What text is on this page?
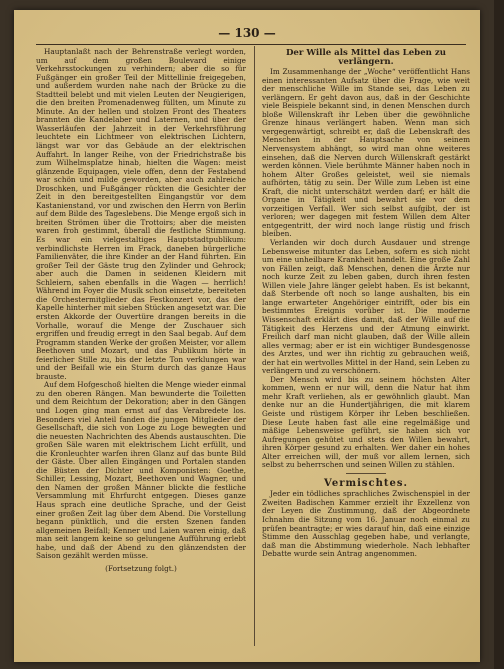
— 130 —

Hauptanlaßt nach der Behrenstraße verlegt worden, um auf dem großen Boulevard einige Verkehrsstockungen zu verhindern; aber die so für Fußgänger ein großer Teil der Mittellinie freigegeben, und außerdem wurden nahe nach der Brücke zu die Stadtteil belebt und mit vielen Leuten der Neugierigen, die den breiten Promenadenweg füllten, um Minute zu Minute. An der hellen und stolzen Front des Theaters brannten die Kandelaber und Laternen, und über der Wasserläufen der Jahrzeit in der Verkehrsführung leuchtete ein Lichtmeer von elektrischen Lichtern, längst war vor das Gebäude an der elektrischen Auffahrt. In langer Reihe, von der Friedrichstraße bis zum Wilhelmsplatze hinab, hielten die Wagen: meist glänzende Equipagen, viele offen, denn der Festabend war schön und milde geworden, aber auch zahlreiche Droschken, und Fußgänger rückten die Gesichter der Zeit in den bereitgestellten Eingangstür vor dem Kastanienstand, vor und zwischen den Herrn von Berlin auf dem Bilde des Tageslebens. Die Menge ergoß sich in breiten Strömen über die Trottoirs; aber die meisten waren froh gestimmt, überall die festliche Stimmung. Es war ein vielgestaltiges Hauptstadtpublikum: verbindlichste Herren im Frack, daneben bürgerliche Familienväter, die ihre Kinder an der Hand führten. Ein großer Teil der Gäste trug den Zylinder und Gehrock; aber auch die Damen in seidenen Kleidern mit Schleiern, sahen ebenfalls in die Wagen — herrlich! Während im Foyer die Musik schon einsetzte, bereiteten die Orchestermitglieder das Festkonzert vor, das der Kapelle hinterher mit sieben Stücken angesetzt war. Die ersten Akkorde der Ouvertüre drangen bereits in die Vorhalle, worauf die Menge der Zuschauer sich ergriffen und freudig erregt in den Saal begab. Auf dem Programm standen Werke der großen Meister, vor allem Beethoven und Mozart, und das Publikum hörte in feierlicher Stille zu, bis der letzte Ton verklungen war und der Beifall wie ein Sturm durch das ganze Haus brauste.

Auf dem Hofgeschoß hielten die Menge wieder einmal zu den oberen Rängen. Man bewunderte die Toiletten und dem Reichtum der Dekoration; aber in den Gängen und Logen ging man ernst auf das Verabredete los. Besonders viel Anteil fanden die jungen Mitglieder der Gesellschaft, die sich von Loge zu Loge bewegten und die neuesten Nachrichten des Abends austauschten. Die großen Säle waren mit elektrischem Licht erfüllt, und die Kronleuchter warfen ihren Glanz auf das bunte Bild der Gäste. Über allen Eingängen und Portalen standen die Büsten der Dichter und Komponisten: Goethe, Schiller, Lessing, Mozart, Beethoven und Wagner, und den Namen der großen Männer blickte die festliche Versammlung mit Ehrfurcht entgegen. Dieses ganze Haus sprach eine deutliche Sprache, und der Geist einer großen Zeit lag über dem Abend. Die Vorstellung begann pünktlich, und die ersten Szenen fanden allgemeinen Beifall; Kenner und Laien waren einig, daß man seit langem keine so gelungene Aufführung erlebt habe, und daß der Abend zu den glänzendsten der Saison gezählt werden müsse.

(Fortsetzung folgt.)
Der Wille als Mittel das Leben zu verlängern.

Im Zusammenhange der „Woche“ veröffentlicht Hans einen interessanten Aufsatz über die Frage, wie weit der menschliche Wille im Stande sei, das Leben zu verlängern. Er geht davon aus, daß in der Geschichte viele Beispiele bekannt sind, in denen Menschen durch bloße Willenskraft ihr Leben über die gewöhnliche Grenze hinaus verlängert haben. Wenn man sich vergegenwärtigt, schreibt er, daß die Lebenskraft des Menschen in der Hauptsache von seinem Nervensystem abhängt, so wird man ohne weiteres einsehen, daß die Nerven durch Willenskraft gestärkt werden können. Viele berühmte Männer haben noch in hohem Alter Großes geleistet, weil sie niemals aufhörten, tätig zu sein. Der Wille zum Leben ist eine Kraft, die nicht unterschätzt werden darf; er hält die Organe in Tätigkeit und bewahrt sie vor dem vorzeitigen Verfall. Wer sich selbst aufgibt, der ist verloren; wer dagegen mit festem Willen dem Alter entgegentritt, der wird noch lange rüstig und frisch bleiben.

Verlanden wir doch durch Ausdauer und strenge Lebensweise mitunter das Leben, sofern es sich nicht um eine unheilbare Krankheit handelt. Eine große Zahl von Fällen zeigt, daß Menschen, denen die Ärzte nur noch kurze Zeit zu leben gaben, durch ihren festen Willen viele Jahre länger gelebt haben. Es ist bekannt, daß Sterbende oft noch so lange aushalten, bis ein lange erwarteter Angehöriger eintrifft, oder bis ein bestimmtes Ereignis vorüber ist. Die moderne Wissenschaft erklärt dies damit, daß der Wille auf die Tätigkeit des Herzens und der Atmung einwirkt. Freilich darf man nicht glauben, daß der Wille allein alles vermag; aber er ist ein wichtiger Bundesgenosse des Arztes, und wer ihn richtig zu gebrauchen weiß, der hat ein wertvolles Mittel in der Hand, sein Leben zu verlängern und zu verschönern.

Der Mensch wird bis zu seinem höchsten Alter kommen, wenn er nur will, denn die Natur hat ihm mehr Kraft verliehen, als er gewöhnlich glaubt. Man denke nur an die Hundertjährigen, die mit klarem Geiste und rüstigem Körper ihr Leben beschließen. Diese Leute haben fast alle eine regelmäßige und mäßige Lebensweise geführt, sie haben sich vor Aufregungen gehütet und stets den Willen bewahrt, ihren Körper gesund zu erhalten. Wer daher ein hohes Alter erreichen will, der muß vor allem lernen, sich selbst zu beherrschen und seinen Willen zu stählen.

Vermischtes.

Jeder ein tödliches sprachliches Zwischenspiel in der Zweiten Badischen Kammer erzielt ihr Exzellenz von der Leyen die Zustimmung, daß der Abgeordnete Ichnahm die Sitzung vom 16. Januar noch einmal zu prüfen beantragte; er wies darauf hin, daß eine einzige Stimme den Ausschlag gegeben habe, und verlangte, daß man die Abstimmung wiederhole. Nach lebhafter Debatte wurde sein Antrag angenommen.
